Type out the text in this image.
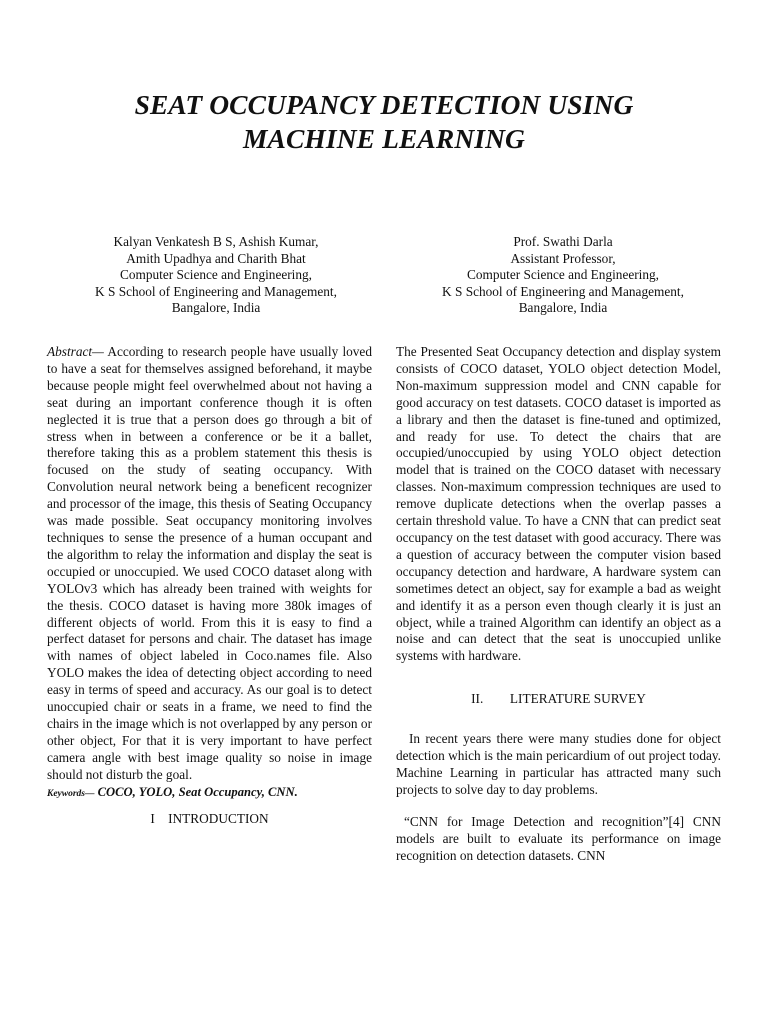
SEAT OCCUPANCY DETECTION USING
MACHINE LEARNING
Kalyan Venkatesh B S, Ashish Kumar,
Amith Upadhya and Charith Bhat
Computer Science and Engineering,
K S School of Engineering and Management,
Bangalore, India
Prof. Swathi Darla
Assistant Professor,
Computer Science and Engineering,
K S School of Engineering and Management,
Bangalore, India

Abstract— According to research people have usually loved to have a seat for themselves assigned beforehand, it maybe because people might feel overwhelmed about not having a seat during an important conference though it is often neglected it is true that a person does go through a bit of stress when in between a conference or be it a ballet, therefore taking this as a problem statement this thesis is focused on the study of seating occupancy. With Convolution neural network being a beneficent recognizer and processor of the image, this thesis of Seating Occupancy was made possible. Seat occupancy monitoring involves techniques to sense the presence of a human occupant and the algorithm to relay the information and display the seat is occupied or unoccupied. We used COCO dataset along with YOLOv3 which has already been trained with weights for the thesis. COCO dataset is having more 380k images of different objects of world. From this it is easy to find a perfect dataset for persons and chair. The dataset has image with names of object labeled in Coco.names file. Also YOLO makes the idea of detecting object according to need easy in terms of speed and accuracy. As our goal is to detect unoccupied chair or seats in a frame, we need to find the chairs in the image which is not overlapped by any person or other object, For that it is very important to have perfect camera angle with best image quality so noise in image should not disturb the goal.

Keywords— COCO, YOLO, Seat Occupancy, CNN.

I    INTRODUCTION

The Presented Seat Occupancy detection and display system consists of COCO dataset, YOLO object detection Model, Non-maximum suppression model and CNN capable for good accuracy on test datasets. COCO dataset is imported as a library and then the dataset is fine-tuned and optimized, and ready for use. To detect the chairs that are occupied/unoccupied by using YOLO object detection model that is trained on the COCO dataset with necessary classes. Non-maximum compression techniques are used to remove duplicate detections when the overlap passes a certain threshold value. To have a CNN that can predict seat occupancy on the test dataset with good accuracy. There was a question of accuracy between the computer vision based occupancy detection and hardware, A hardware system can sometimes detect an object, say for example a bad as weight and identify it as a person even though clearly it is just an object, while a trained Algorithm can identify an object as a noise and can detect that the seat is unoccupied unlike systems with hardware.

II.        LITERATURE SURVEY

In recent years there were many studies done for object detection which is the main pericardium of out project today. Machine Learning in particular has attracted many such projects to solve day to day problems.

“CNN for Image Detection and recognition”[4] CNN models are built to evaluate its performance on image recognition on detection datasets. CNN
